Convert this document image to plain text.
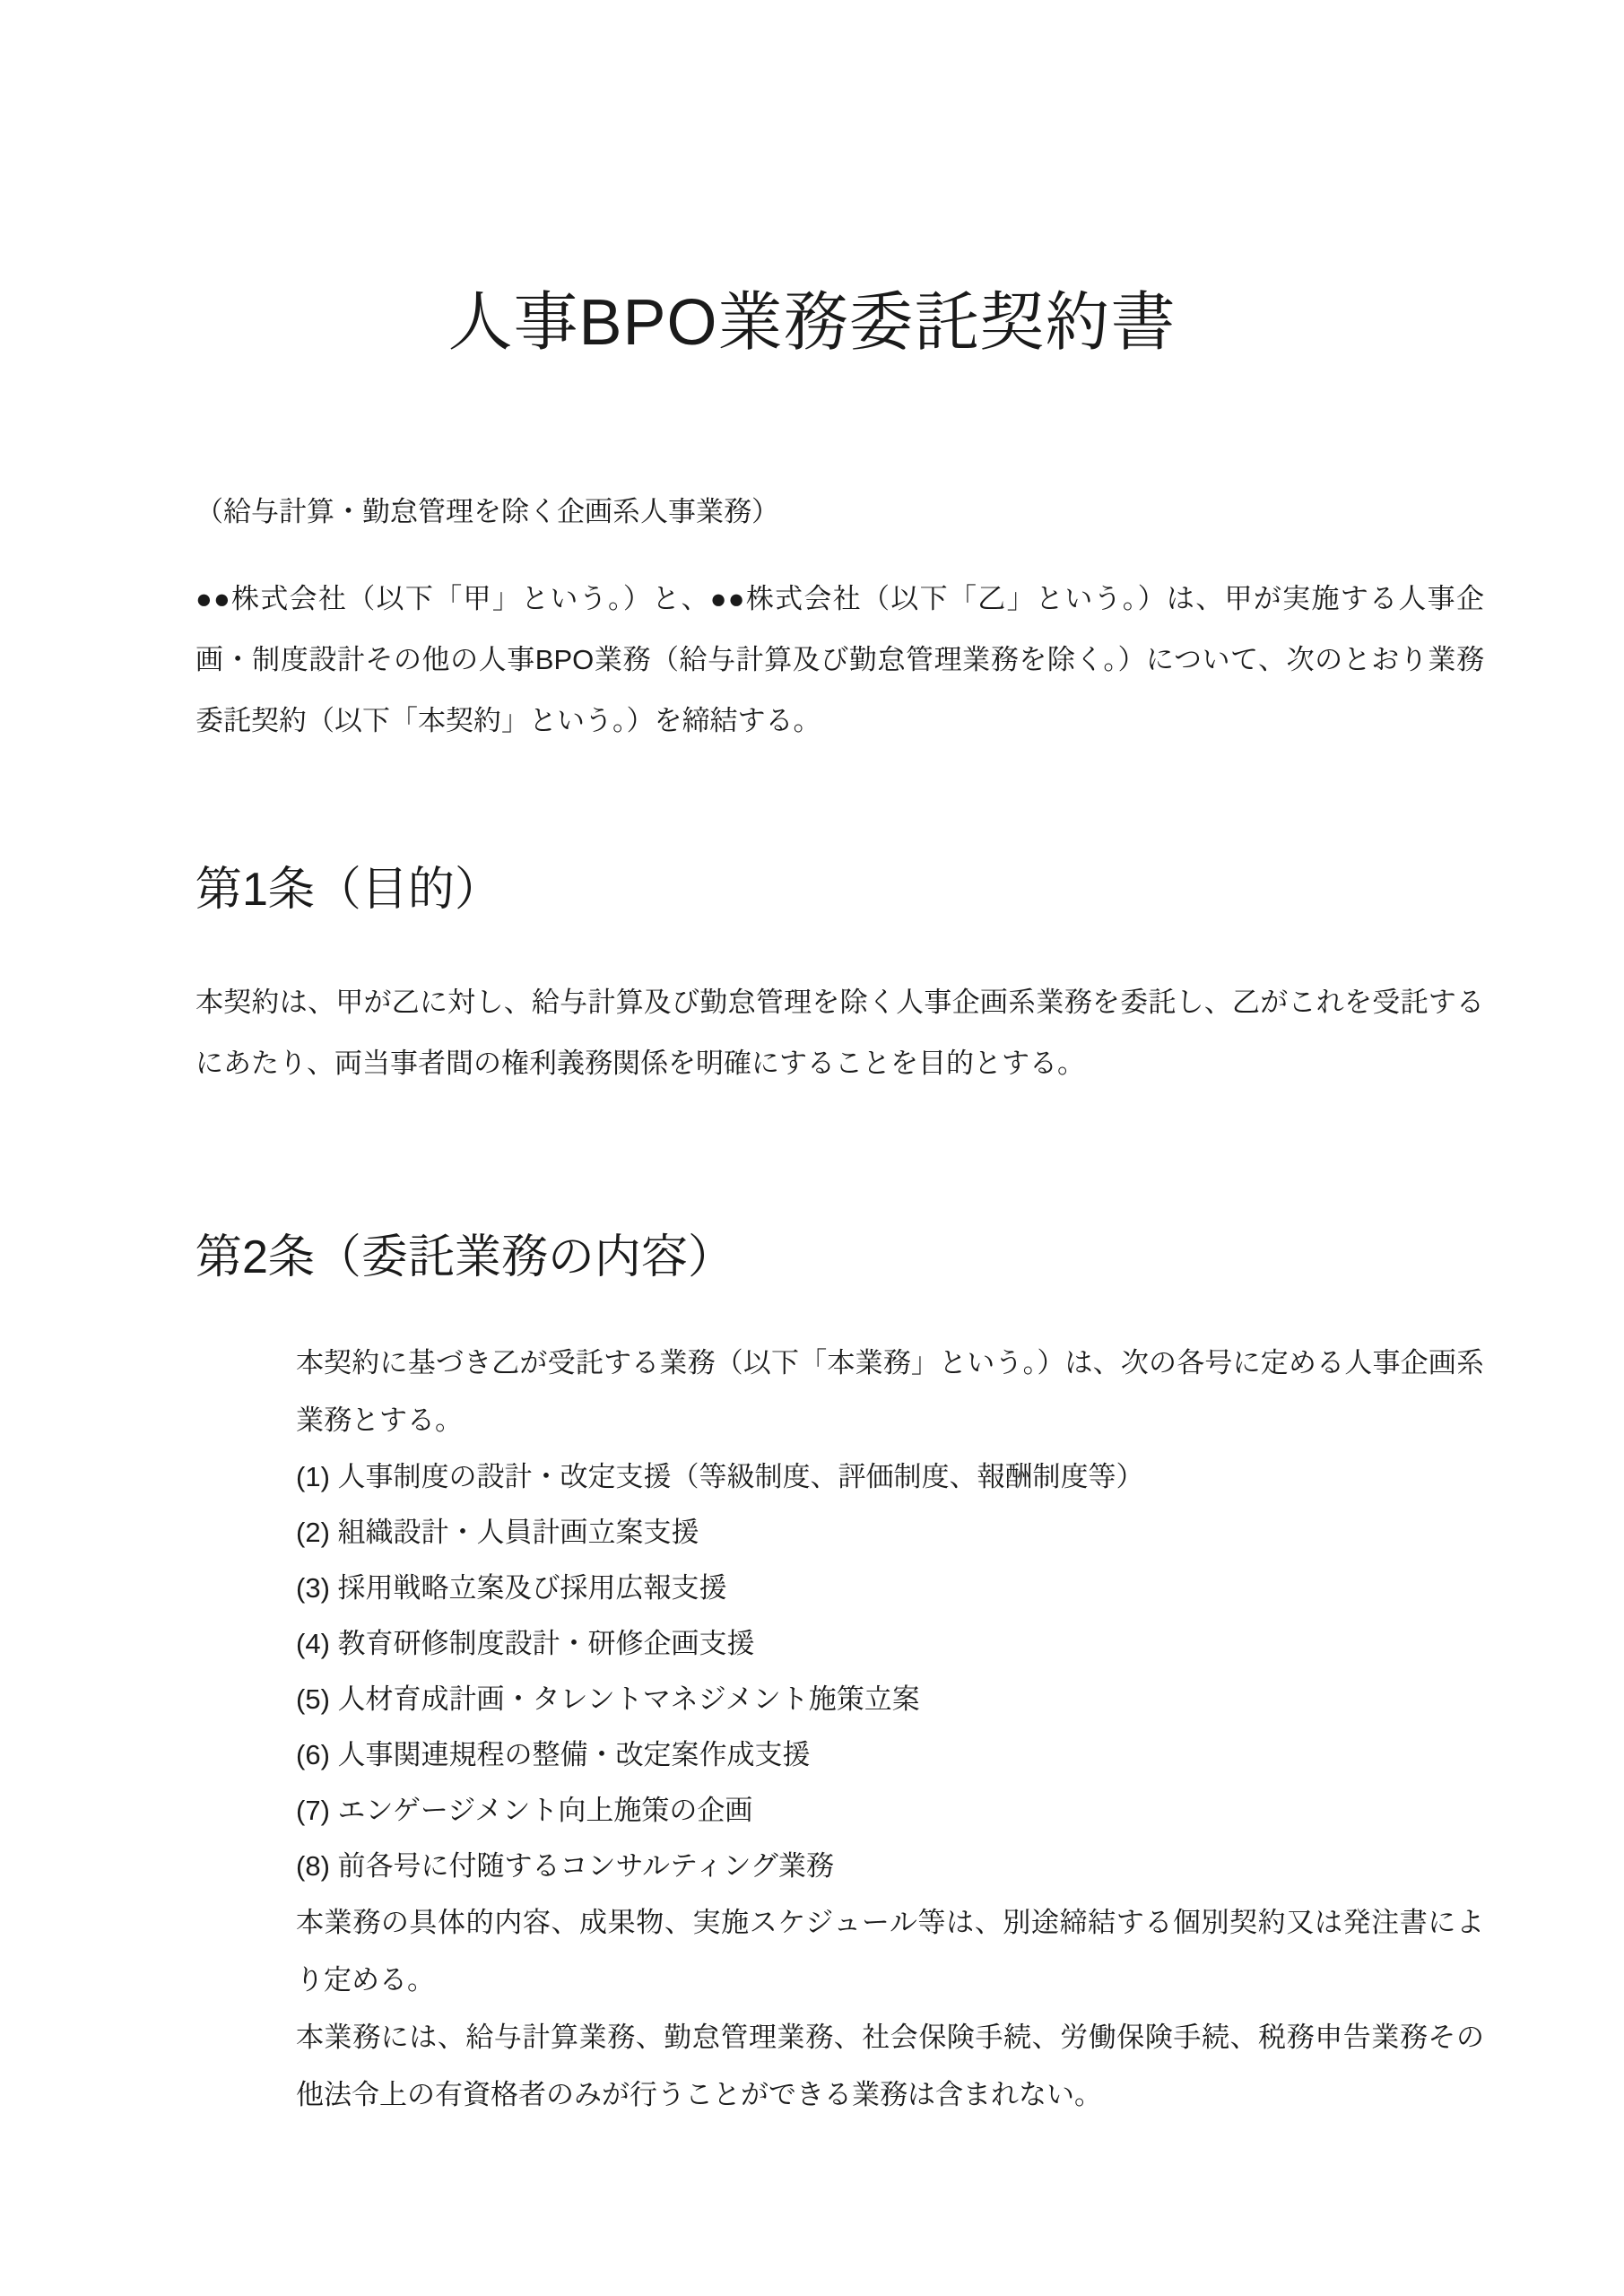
人事BPO業務委託契約書

（給与計算・勤怠管理を除く企画系人事業務）

●●株式会社（以下「甲」という。）と、●●株式会社（以下「乙」という。）は、甲が実施する人事企画・制度設計その他の人事BPO業務（給与計算及び勤怠管理業務を除く。）について、次のとおり業務委託契約（以下「本契約」という。）を締結する。

第1条（目的）

本契約は、甲が乙に対し、給与計算及び勤怠管理を除く人事企画系業務を委託し、乙がこれを受託するにあたり、両当事者間の権利義務関係を明確にすることを目的とする。

第2条（委託業務の内容）

本契約に基づき乙が受託する業務（以下「本業務」という。）は、次の各号に定める人事企画系業務とする。

(1) 人事制度の設計・改定支援（等級制度、評価制度、報酬制度等）
(2) 組織設計・人員計画立案支援
(3) 採用戦略立案及び採用広報支援
(4) 教育研修制度設計・研修企画支援
(5) 人材育成計画・タレントマネジメント施策立案
(6) 人事関連規程の整備・改定案作成支援
(7) エンゲージメント向上施策の企画
(8) 前各号に付随するコンサルティング業務

本業務の具体的内容、成果物、実施スケジュール等は、別途締結する個別契約又は発注書により定める。

本業務には、給与計算業務、勤怠管理業務、社会保険手続、労働保険手続、税務申告業務その他法令上の有資格者のみが行うことができる業務は含まれない。
